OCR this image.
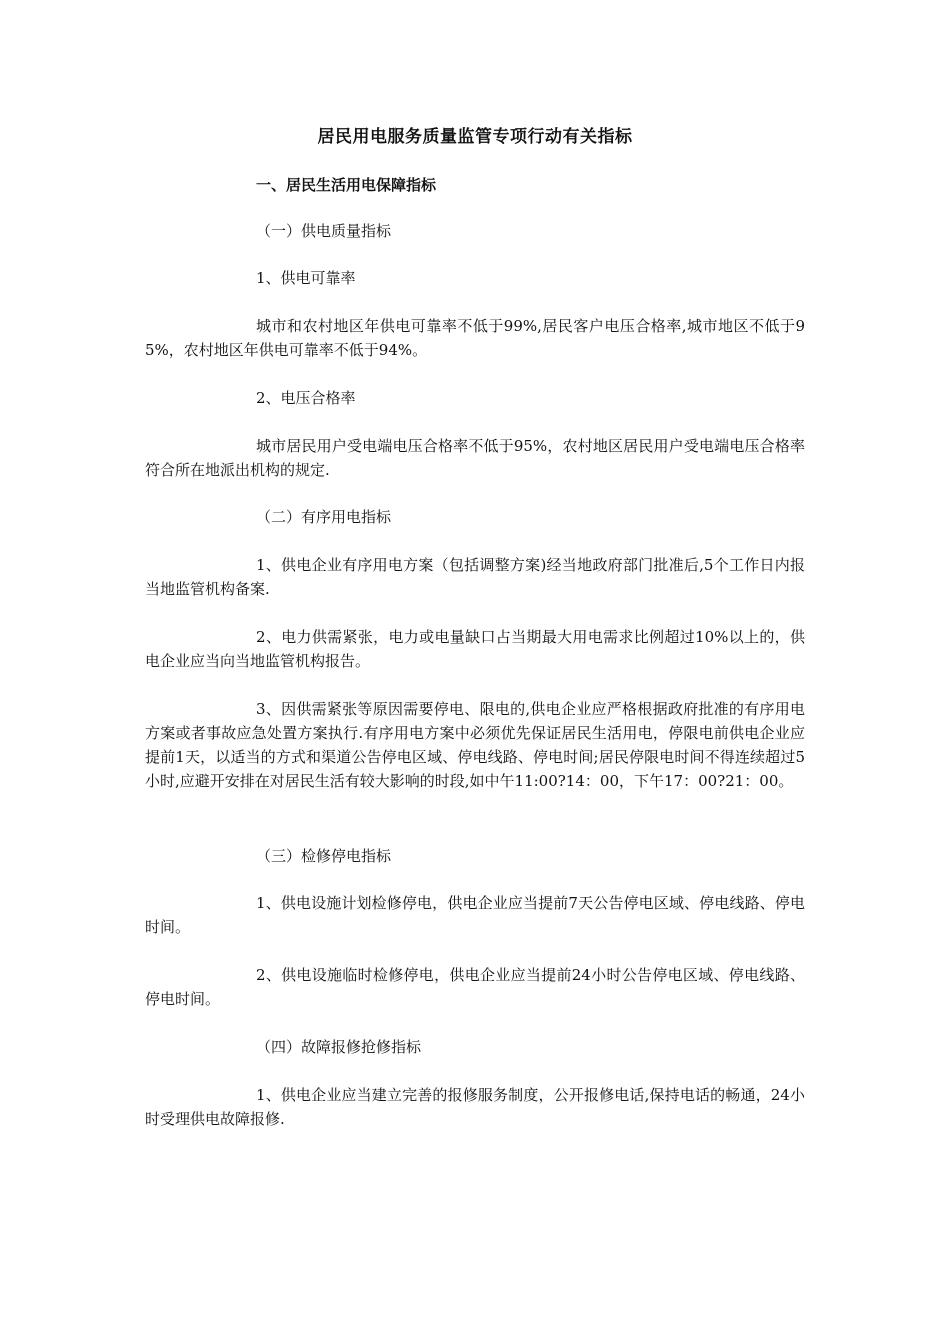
居民用电服务质量监管专项行动有关指标
一、居民生活用电保障指标
（一）供电质量指标
1、供电可靠率
城市和农村地区年供电可靠率不低于99%,居民客户电压合格率,城市地区不低于95%，农村地区年供电可靠率不低于94%。
2、电压合格率
城市居民用户受电端电压合格率不低于95%，农村地区居民用户受电端电压合格率符合所在地派出机构的规定.
（二）有序用电指标
1、供电企业有序用电方案（包括调整方案)经当地政府部门批准后,5个工作日内报当地监管机构备案.
2、电力供需紧张，电力或电量缺口占当期最大用电需求比例超过10%以上的，供电企业应当向当地监管机构报告。
3、因供需紧张等原因需要停电、限电的,供电企业应严格根据政府批准的有序用电方案或者事故应急处置方案执行.有序用电方案中必须优先保证居民生活用电，停限电前供电企业应提前1天，以适当的方式和渠道公告停电区域、停电线路、停电时间;居民停限电时间不得连续超过5小时,应避开安排在对居民生活有较大影响的时段,如中午11:00?14：00，下午17：00?21：00。
（三）检修停电指标
1、供电设施计划检修停电，供电企业应当提前7天公告停电区域、停电线路、停电时间。
2、供电设施临时检修停电，供电企业应当提前24小时公告停电区域、停电线路、停电时间。
（四）故障报修抢修指标
1、供电企业应当建立完善的报修服务制度，公开报修电话,保持电话的畅通，24小时受理供电故障报修.
